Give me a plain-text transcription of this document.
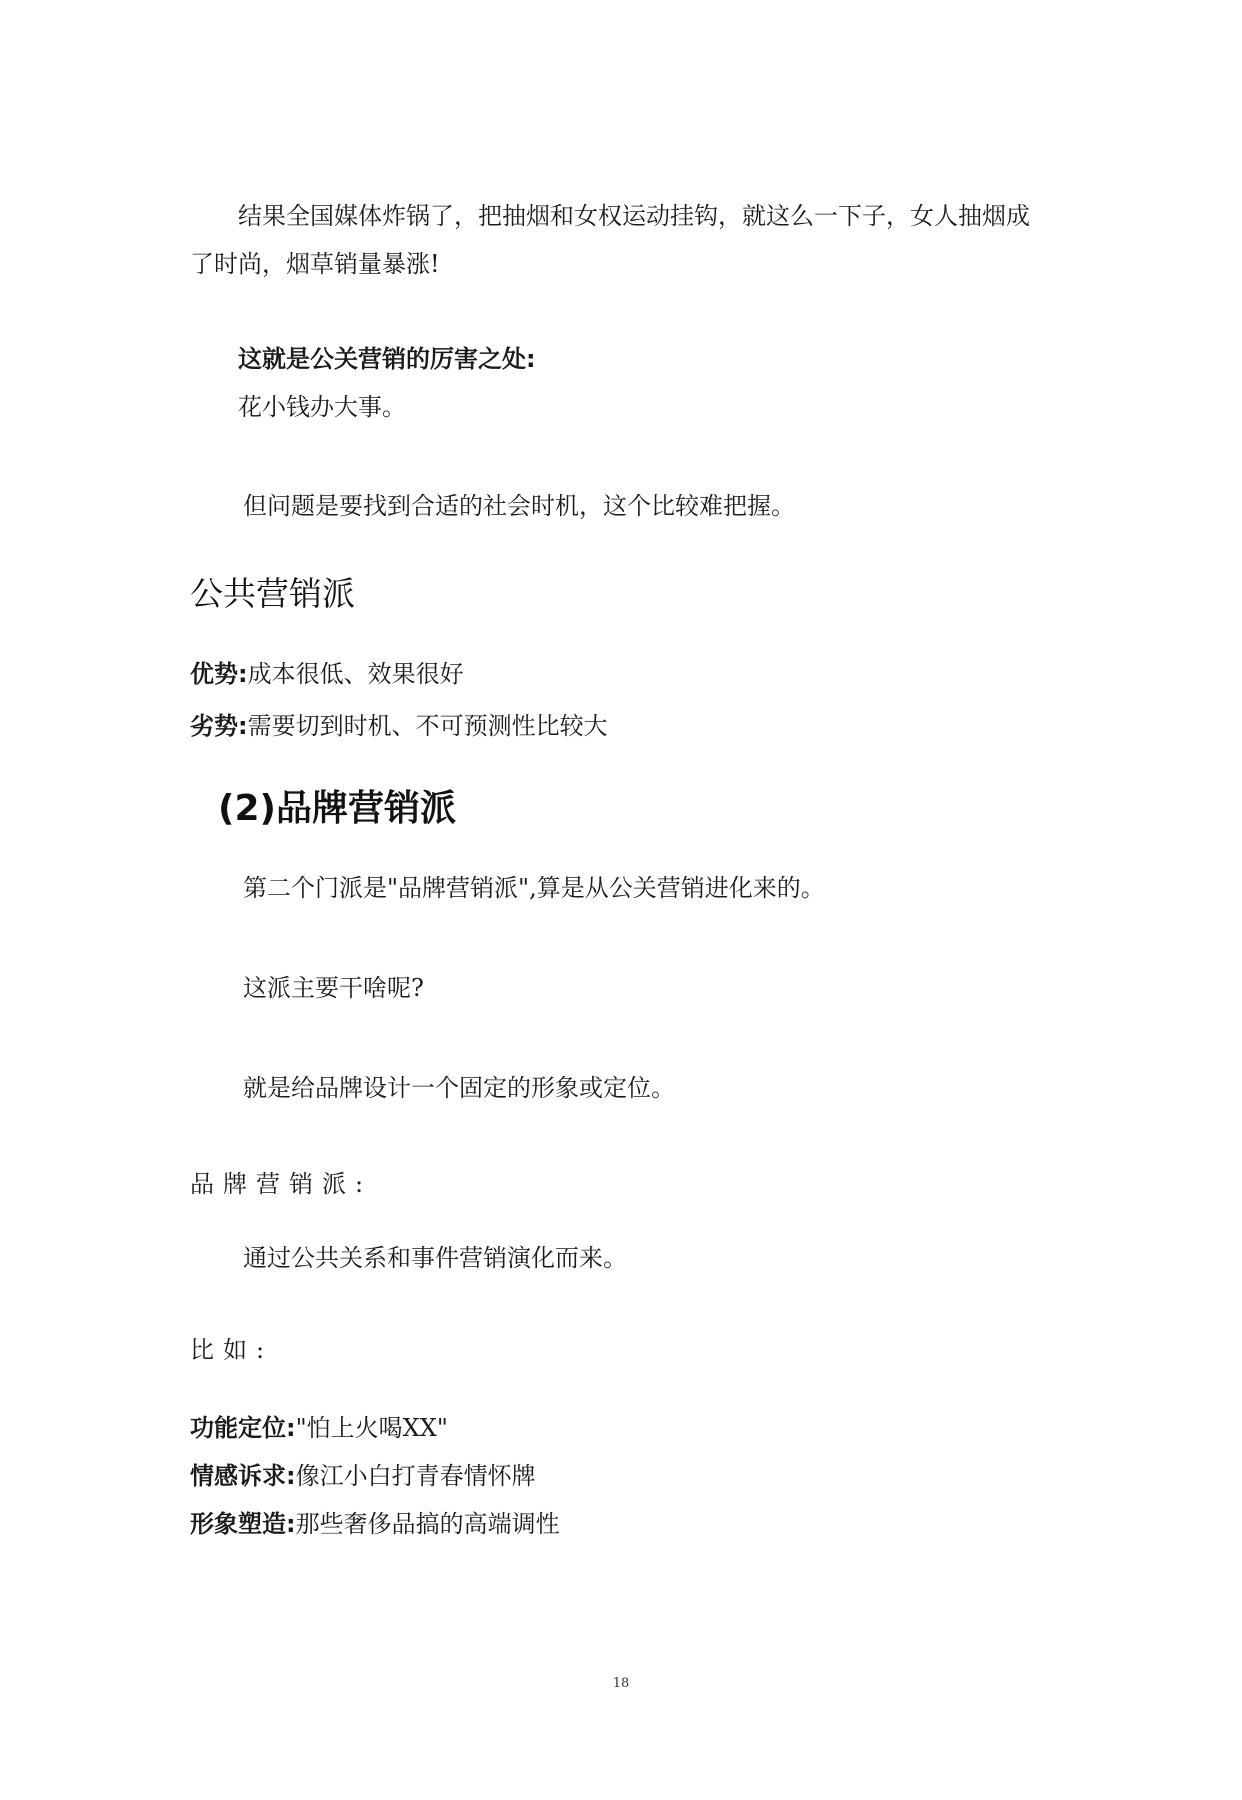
结果全国媒体炸锅了，把抽烟和女权运动挂钩，就这么一下子，女人抽烟成
了时尚，烟草销量暴涨!
这就是公关营销的厉害之处:
花小钱办大事。
但问题是要找到合适的社会时机，这个比较难把握。
公共营销派
优势:成本很低、效果很好
劣势:需要切到时机、不可预测性比较大
(2)品牌营销派
第二个门派是"品牌营销派",算是从公关营销进化来的。
这派主要干啥呢?
就是给品牌设计一个固定的形象或定位。
品牌营销派:
通过公共关系和事件营销演化而来。
比如:
功能定位:"怕上火喝XX"
情感诉求:像江小白打青春情怀牌
形象塑造:那些奢侈品搞的高端调性
18
